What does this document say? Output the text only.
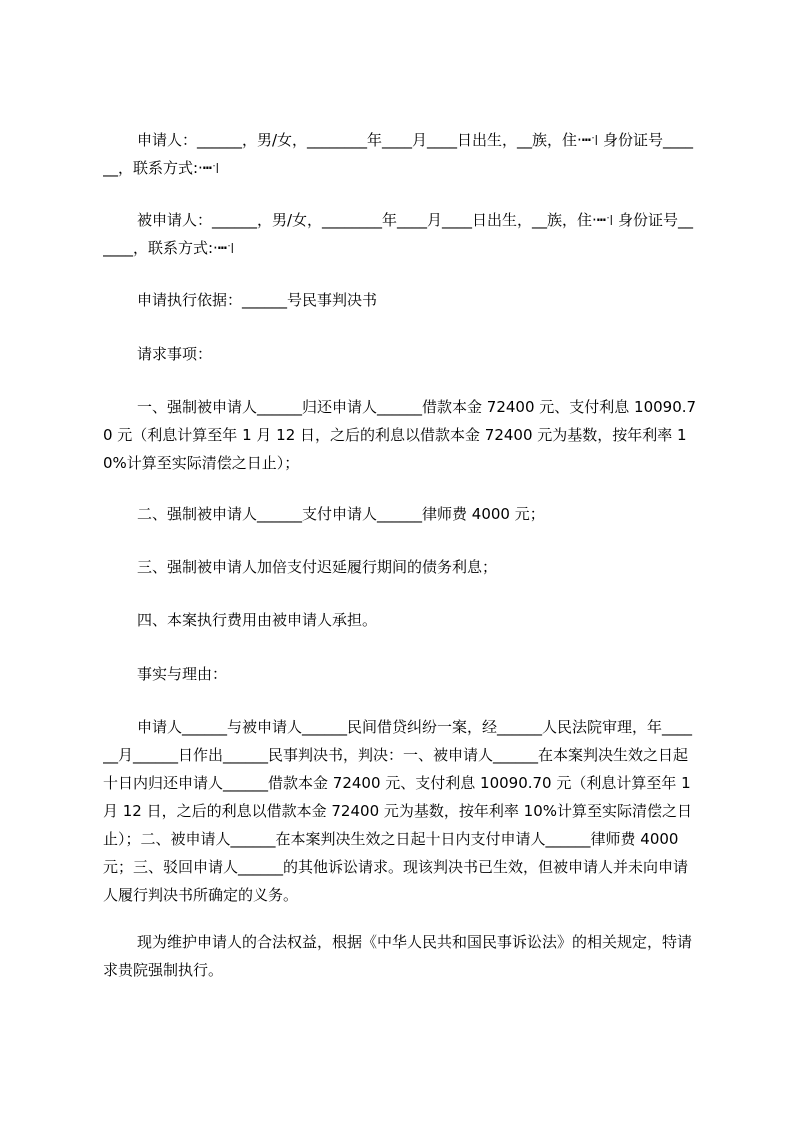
申请人：______，男/女，________年____月____日出生，__族，住·┅꜉ 身份证号______，联系方式:·┅꜉

被申请人：______，男/女，________年____月____日出生，__族，住·┅꜉ 身份证号______，联系方式:·┅꜉

申请执行依据：______号民事判决书

请求事项：

一、强制被申请人______归还申请人______借款本金 72400 元、支付利息 10090.70 元（利息计算至年 1 月 12 日，之后的利息以借款本金 72400 元为基数，按年利率 10%计算至实际清偿之日止）；

二、强制被申请人______支付申请人______律师费 4000 元；

三、强制被申请人加倍支付迟延履行期间的债务利息；

四、本案执行费用由被申请人承担。

事实与理由：

申请人______与被申请人______民间借贷纠纷一案，经______人民法院审理，年______月______日作出______民事判决书，判决：一、被申请人______在本案判决生效之日起十日内归还申请人______借款本金 72400 元、支付利息 10090.70 元（利息计算至年 1 月 12 日，之后的利息以借款本金 72400 元为基数，按年利率 10%计算至实际清偿之日止）；二、被申请人______在本案判决生效之日起十日内支付申请人______律师费 4000 元；三、驳回申请人______的其他诉讼请求。现该判决书已生效，但被申请人并未向申请人履行判决书所确定的义务。

现为维护申请人的合法权益，根据《中华人民共和国民事诉讼法》的相关规定，特请求贵院强制执行。
